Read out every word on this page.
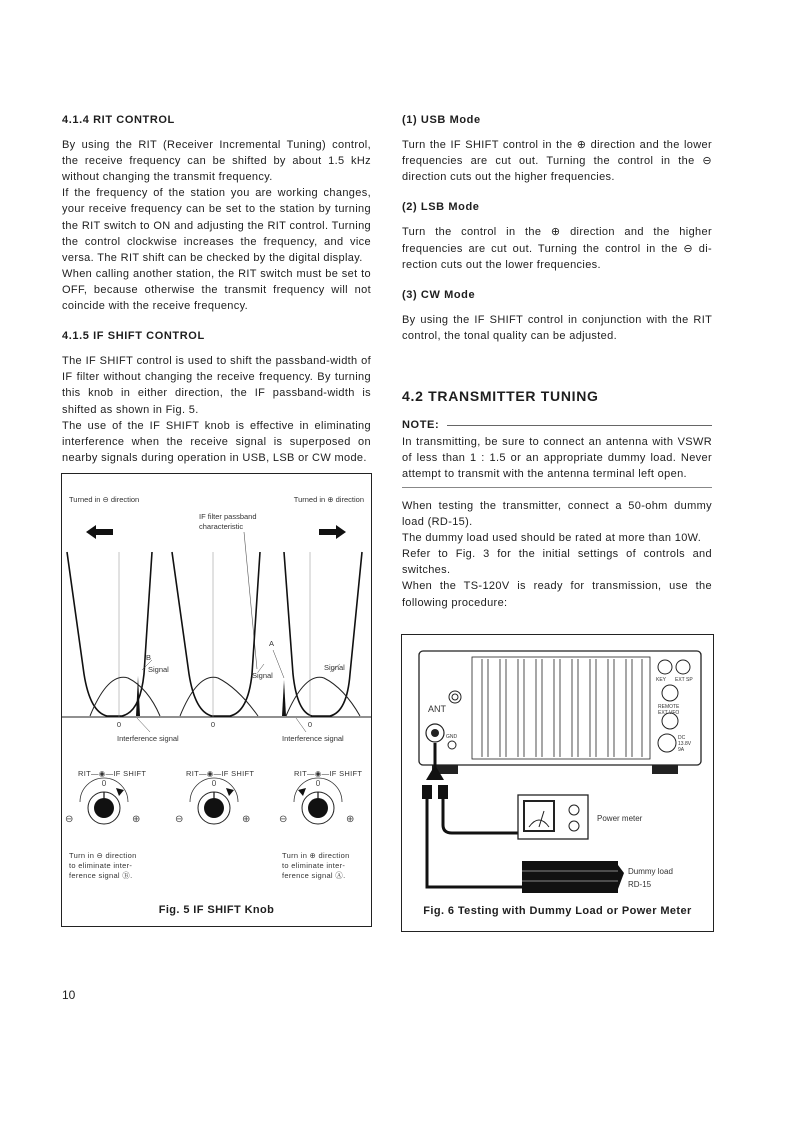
4.1.4 RIT CONTROL

By using the RIT (Receiver Incremental Tuning) control, the receive frequency can be shifted by about 1.5 kHz without changing the transmit frequency.
If the frequency of the station you are working changes, your receive frequency can be set to the station by turning the RIT switch to ON and adjusting the RIT control. Turning the control clockwise increases the frequency, and vice versa. The RIT shift can be checked by the digital display.
When calling another station, the RIT switch must be set to OFF, because otherwise the transmit frequency will not coincide with the receive frequency.

4.1.5 IF SHIFT CONTROL

The IF SHIFT control is used to shift the passband-width of IF filter without changing the receive frequency. By turning this knob in either direction, the IF passband-width is shifted as shown in Fig. 5.
The use of the IF SHIFT knob is effective in eliminating interference when the receive signal is superposed on nearby signals during operation in USB, LSB or CW mode.

(1) USB Mode

Turn the IF SHIFT control in the ⊕ direction and the lower frequencies are cut out. Turning the control in the ⊖ direction cuts out the higher frequencies.

(2) LSB Mode

Turn the control in the ⊕ direction and the higher frequencies are cut out. Turning the control in the ⊖ di- rection cuts out the lower frequencies.

(3) CW Mode

By using the IF SHIFT control in conjunction with the RIT control, the tonal quality can be adjusted.

4.2 TRANSMITTER TUNING
NOTE:

In transmitting, be sure to connect an antenna with VSWR of less than 1 : 1.5 or an appropriate dummy load. Never attempt to transmit with the antenna terminal left open.

When testing the transmitter, connect a 50-ohm dummy load (RD-15).
The dummy load used should be rated at more than 10W.
Refer to Fig. 3 for the initial settings of controls and switches.
When the TS-120V is ready for transmission, use the following procedure:

Turned in ⊖ direction	Turned in ⊕ direction
IF filter passband
characteristic
B
A
Signal
Signal
Signal
0	0	0
Interference signal	Interference signal
RIT—◉—IF SHIFT	RIT—◉—IF SHIFT	RIT—◉—IF SHIFT
0	0	0
⊖	⊕	⊖	⊕	⊖	⊕
Turn in ⊖ direction
to eliminate inter-
ference signal Ⓑ.
Turn in ⊕ direction
to eliminate inter-
ference signal Ⓐ.
Fig. 5 IF SHIFT Knob
ANT
GND
KEY EXT SP
REMOTE
EXT VFO
DC
13.8V
9A
Power meter
Dummy load
RD-15
Fig. 6 Testing with Dummy Load or Power Meter
10
